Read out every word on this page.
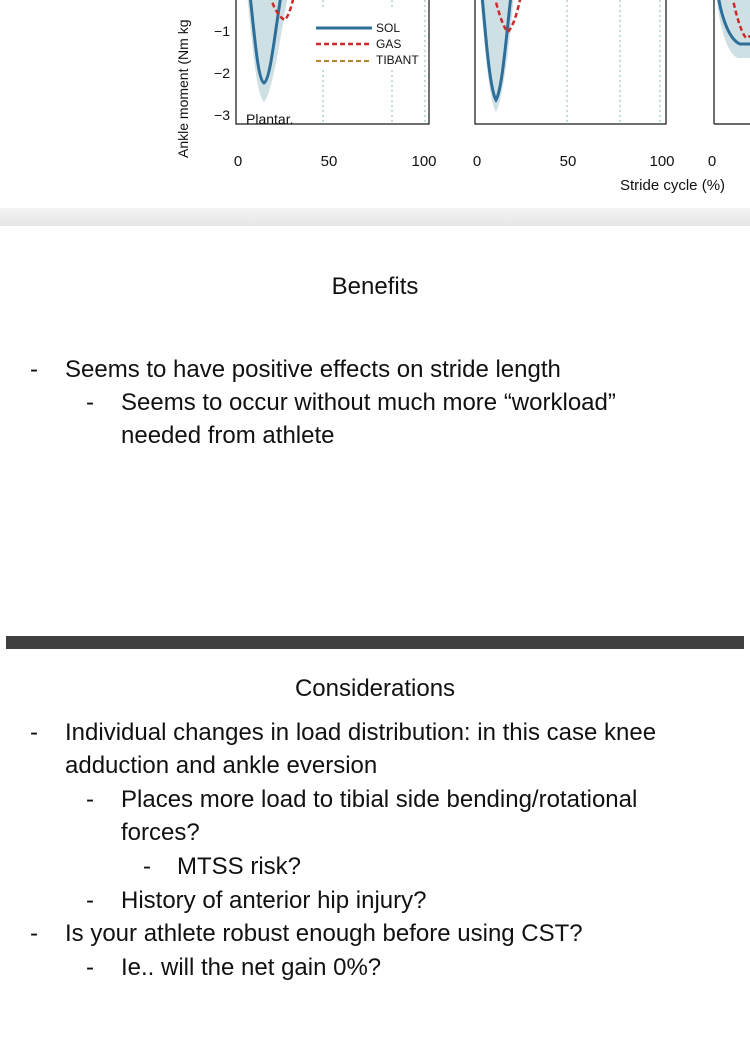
SOL
GAS
TIBANT
Ankle moment (Nm kg −1
−2
−3 Plantar.
0	50	100 0	50	100 0
Stride cycle (%)
Benefits
- Seems to have positive effects on stride length
- Seems to occur without much more “workload”
needed from athlete
Considerations
- Individual changes in load distribution: in this case knee
adduction and ankle eversion
- Places more load to tibial side bending/rotational
forces?
- MTSS risk?
- History of anterior hip injury?
- Is your athlete robust enough before using CST?
- Ie.. will the net gain 0%?
